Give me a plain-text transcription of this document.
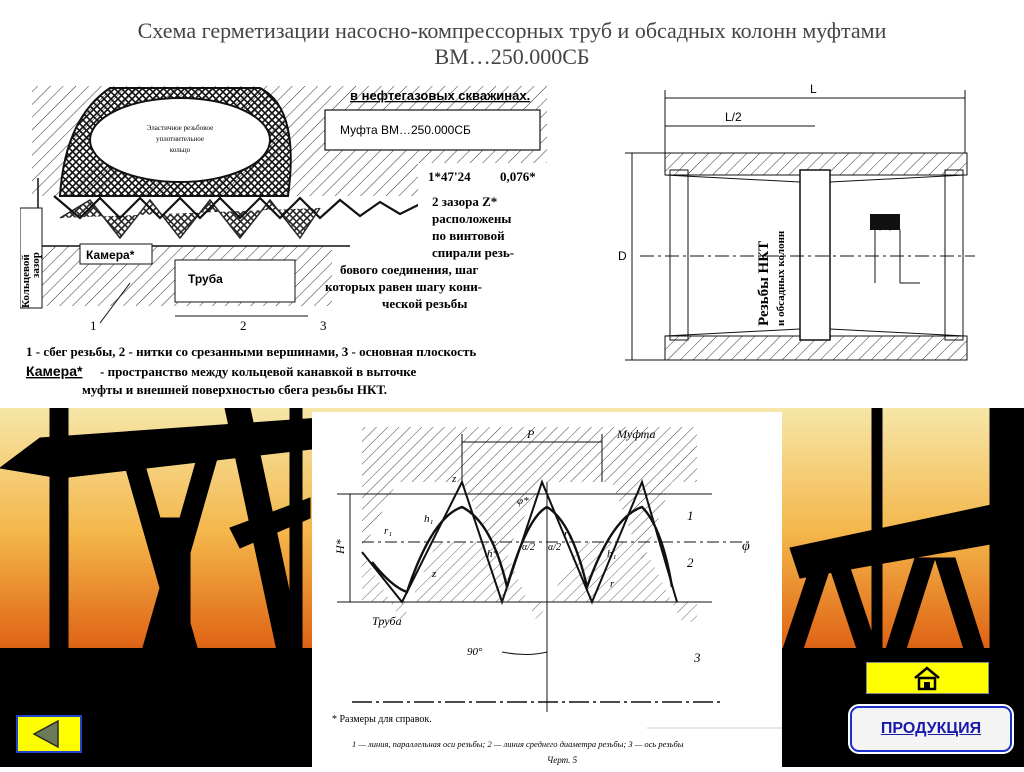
Схема герметизации насосно-компрессорных труб и обсадных колонн муфтами
ВМ…250.000СБ
Эластичное резьбовое
уплотнительное
кольцо
в нефтегазовых скважинах.
Муфта ВМ…250.000СБ
1*47'24 0,076*
2 зазора Z*
расположены
по винтовой
спирали резь-
бового соединения, шаг
которых равен шагу кони-
ческой резьбы
Кольцевой
зазор	Камера*
Труба
1	2	3
1 - сбег резьбы, 2 - нитки со срезанными вершинами, 3 - основная плоскость
Камера* - пространство между кольцевой канавкой в выточке
муфты и внешней поверхностью сбега резьбы НКТ.
L
L/2
D	Резьбы НКТ и обсадных колонн
P	Муфта
Труба
H*	h*
h₁
h₁
r	r
r₁
r₁
z
z
φ
φ*
α/2 α/2
1
2
3
90°
* Размеры для справок.
1 — линия, параллельная оси резьбы; 2 — линия среднего диаметра резьбы; 3 — ось резьбы
Черт. 5
ПРОДУКЦИЯ
